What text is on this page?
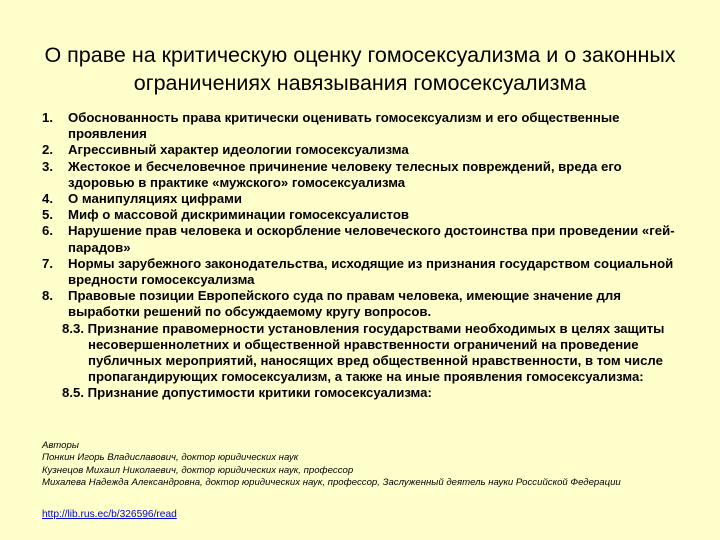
О праве на критическую оценку гомосексуализма и о законных ограничениях навязывания гомосексуализма
1. Обоснованность права критически оценивать гомосексуализм и его общественные проявления
2. Агрессивный характер идеологии гомосексуализма
3. Жестокое и бесчеловечное причинение человеку телесных повреждений, вреда его здоровью в практике «мужского» гомосексуализма
4. О манипуляциях цифрами
5. Миф о массовой дискриминации гомосексуалистов
6. Нарушение прав человека и оскорбление человеческого достоинства при проведении «гей-парадов»
7. Нормы зарубежного законодательства, исходящие из признания государством социальной вредности гомосексуализма
8. Правовые позиции Европейского суда по правам человека, имеющие значение для выработки решений по обсуждаемому кругу вопросов.
8.3. Признание правомерности установления государствами необходимых в целях защиты несовершеннолетних и общественной нравственности ограничений на проведение публичных мероприятий, наносящих вред общественной нравственности, в том числе пропагандирующих гомосексуализм, а также на иные проявления гомосексуализма:
8.5. Признание допустимости критики гомосексуализма:
Авторы
Понкин Игорь Владиславович, доктор юридических наук
Кузнецов Михаил Николаевич, доктор юридических наук, профессор
Михалева Надежда Александровна, доктор юридических наук, профессор, Заслуженный деятель науки Российской Федерации
http://lib.rus.ec/b/326596/read
